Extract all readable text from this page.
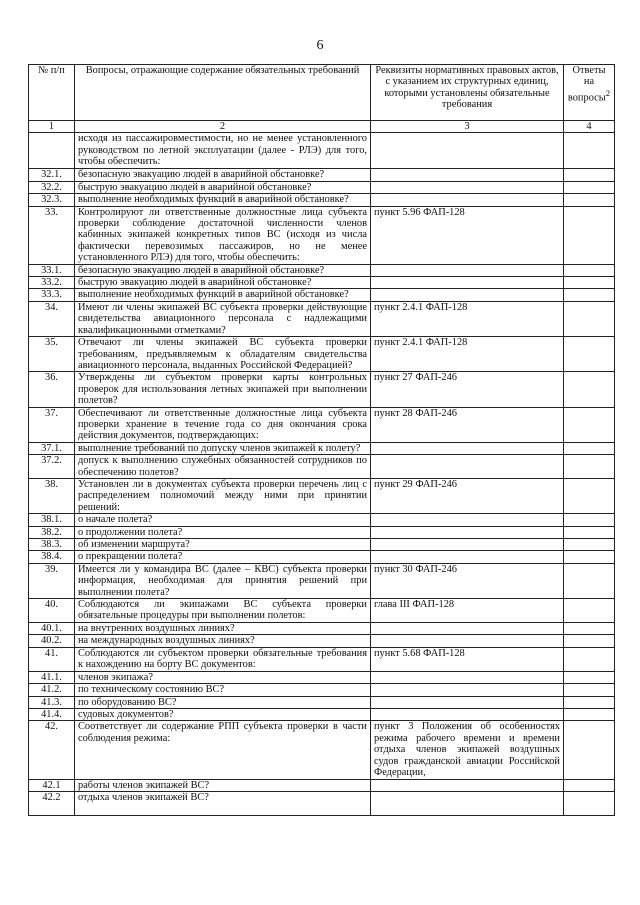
6
№ п/п	Вопросы, отражающие содержание обязательных требований	Реквизиты нормативных правовых актов, с указанием их структурных единиц, которыми установлены обязательные требования	Ответы на вопросы$^2$
1	2	3	4
	исходя из пассажировместимости, но не менее установленного руководством по летной эксплуатации (далее - РЛЭ) для того, чтобы обеспечить:		
32.1.	безопасную эвакуацию людей в аварийной обстановке?		
32.2.	быструю эвакуацию людей в аварийной обстановке?		
32.3.	выполнение необходимых функций в аварийной обстановке?		
33.	Контролируют ли ответственные должностные лица субъекта проверки соблюдение достаточной численности членов кабинных экипажей конкретных типов ВС (исходя из числа фактически перевозимых пассажиров, но не менее установленного РЛЭ) для того, чтобы обеспечить:	пункт 5.96 ФАП-128	
33.1.	безопасную эвакуацию людей в аварийной обстановке?		
33.2.	быструю эвакуацию людей в аварийной обстановке?		
33.3.	выполнение необходимых функций в аварийной обстановке?		
34.	Имеют ли члены экипажей ВС субъекта проверки действующие свидетельства авиационного персонала с надлежащими квалификационными отметками?	пункт 2.4.1 ФАП-128	
35.	Отвечают ли члены экипажей ВС субъекта проверки требованиям, предъявляемым к обладателям свидетельства авиационного персонала, выданных Российской Федерацией?	пункт 2.4.1 ФАП-128	
36.	Утверждены ли субъектом проверки карты контрольных проверок для использования летных экипажей при выполнении полетов?	пункт 27 ФАП-246	
37.	Обеспечивают ли ответственные должностные лица субъекта проверки хранение в течение года со дня окончания срока действия документов, подтверждающих:	пункт 28 ФАП-246	
37.1.	выполнение требований по допуску членов экипажей к полету?		
37.2.	допуск к выполнению служебных обязанностей сотрудников по обеспечению полетов?		
38.	Установлен ли в документах субъекта проверки перечень лиц с распределением полномочий между ними при принятии решений:	пункт 29 ФАП-246	
38.1.	о начале полета?		
38.2.	о продолжении полета?		
38.3.	об изменении маршрута?		
38.4.	о прекращении полета?		
39.	Имеется ли у командира ВС (далее – КВС) субъекта проверки информация, необходимая для принятия решений при выполнении полета?	пункт 30 ФАП-246	
40.	Соблюдаются ли экипажами ВС субъекта проверки обязательные процедуры при выполнении полетов:	глава III ФАП-128	
40.1.	на внутренних воздушных линиях?		
40.2.	на международных воздушных линиях?		
41.	Соблюдаются ли субъектом проверки обязательные требования к нахождению на борту ВС документов:	пункт 5.68 ФАП-128	
41.1.	членов экипажа?		
41.2.	по техническому состоянию ВС?		
41.3.	по оборудованию ВС?		
41.4.	судовых документов?		
42.	Соответствует ли содержание РПП субъекта проверки в части соблюдения режима:	пункт 3 Положения об особенностях режима рабочего времени и времени отдыха членов экипажей воздушных судов гражданской авиации Российской Федерации,	
42.1	работы членов экипажей ВС?		
42.2	отдыха членов экипажей ВС?		
